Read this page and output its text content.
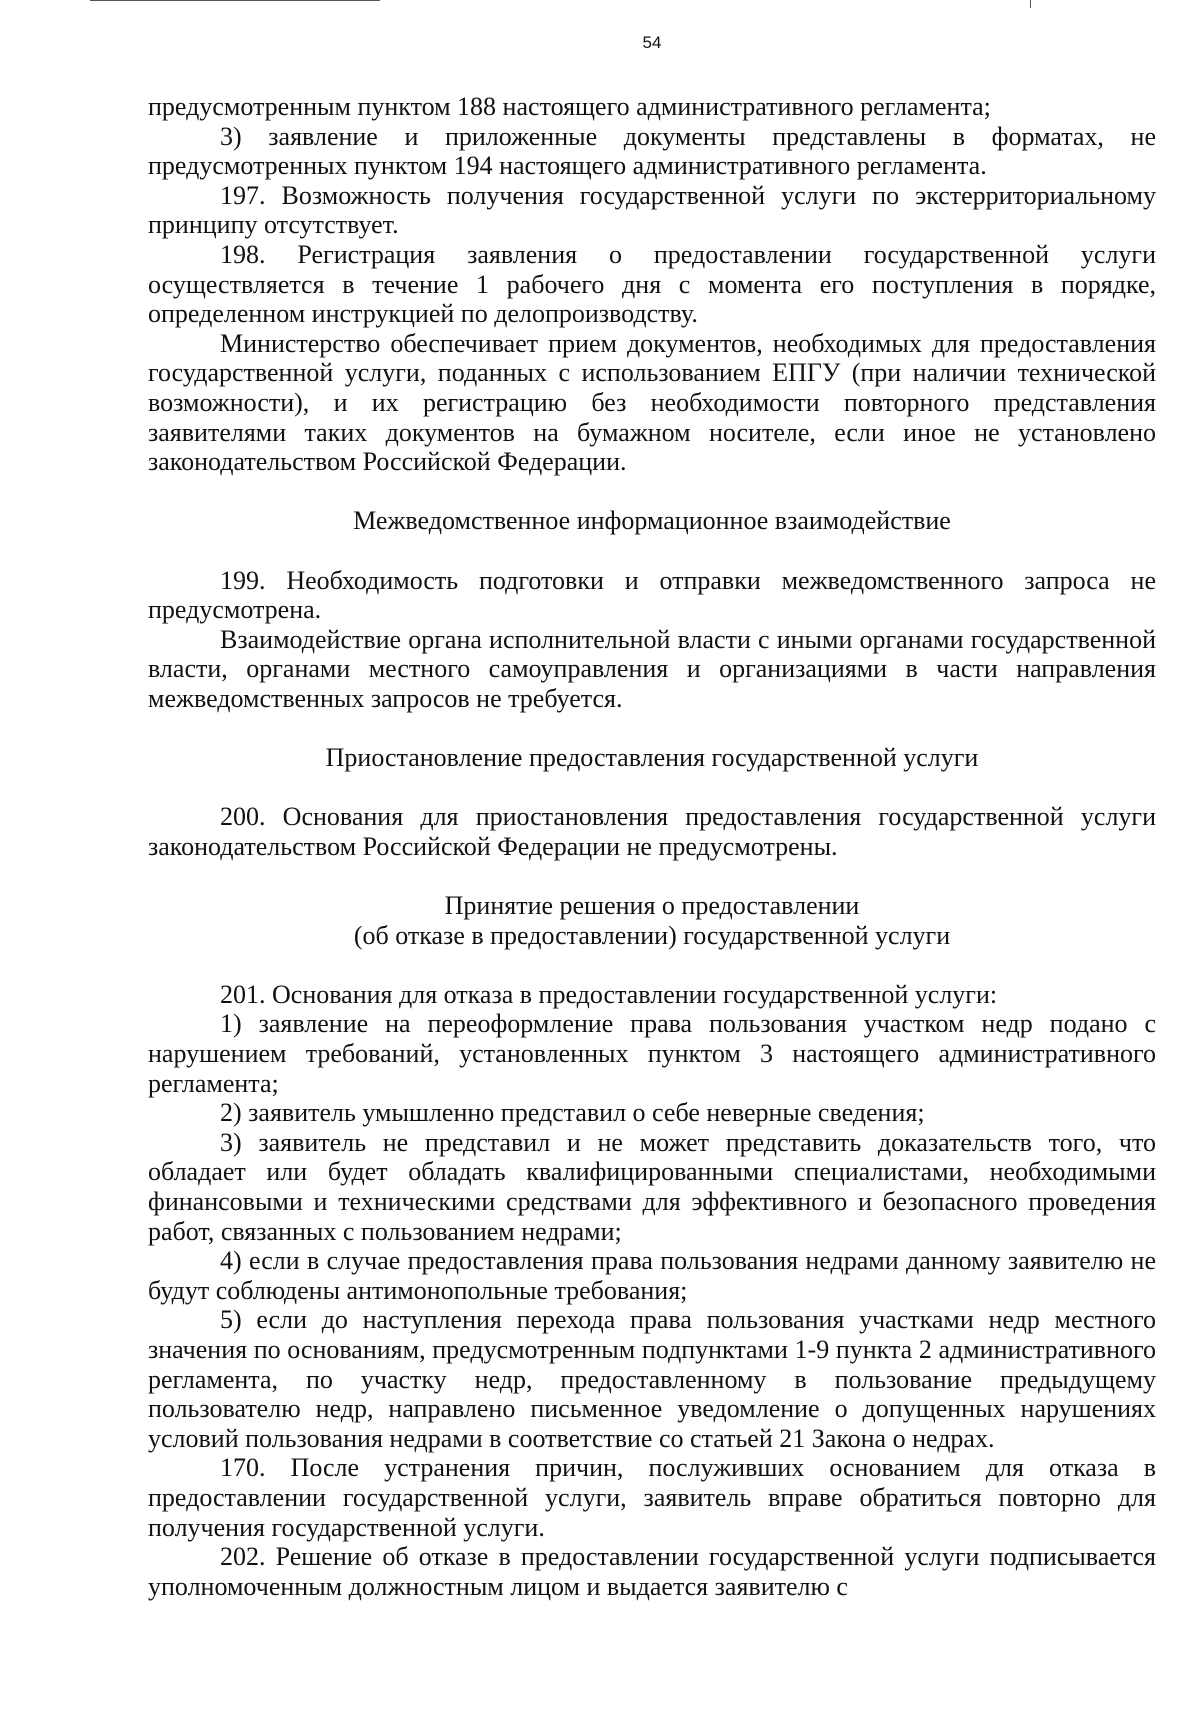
54

предусмотренным пунктом 188 настоящего административного регламента;

3) заявление и приложенные документы представлены в форматах, не предусмотренных пунктом 194 настоящего административного регламента.

197. Возможность получения государственной услуги по экстерриториальному принципу отсутствует.

198. Регистрация заявления о предоставлении государственной услуги осуществляется в течение 1 рабочего дня с момента его поступления в порядке, определенном инструкцией по делопроизводству.

Министерство обеспечивает прием документов, необходимых для предоставления государственной услуги, поданных с использованием ЕПГУ (при наличии технической возможности), и их регистрацию без необходимости повторного представления заявителями таких документов на бумажном носителе, если иное не установлено законодательством Российской Федерации.

Межведомственное информационное взаимодействие

199. Необходимость подготовки и отправки межведомственного запроса не предусмотрена.

Взаимодействие органа исполнительной власти с иными органами государственной власти, органами местного самоуправления и организациями в части направления межведомственных запросов не требуется.

Приостановление предоставления государственной услуги

200. Основания для приостановления предоставления государственной услуги законодательством Российской Федерации не предусмотрены.

Принятие решения о предоставлении
(об отказе в предоставлении) государственной услуги

201. Основания для отказа в предоставлении государственной услуги:

1) заявление на переоформление права пользования участком недр подано с нарушением требований, установленных пунктом 3 настоящего административного регламента;

2) заявитель умышленно представил о себе неверные сведения;

3) заявитель не представил и не может представить доказательств того, что обладает или будет обладать квалифицированными специалистами, необходимыми финансовыми и техническими средствами для эффективного и безопасного проведения работ, связанных с пользованием недрами;

4) если в случае предоставления права пользования недрами данному заявителю не будут соблюдены антимонопольные требования;

5) если до наступления перехода права пользования участками недр местного значения по основаниям, предусмотренным подпунктами 1-9 пункта 2 административного регламента, по участку недр, предоставленному в пользование предыдущему пользователю недр, направлено письменное уведомление о допущенных нарушениях условий пользования недрами в соответствие со статьей 21 Закона о недрах.

170. После устранения причин, послуживших основанием для отказа в предоставлении государственной услуги, заявитель вправе обратиться повторно для получения государственной услуги.

202. Решение об отказе в предоставлении государственной услуги подписывается уполномоченным должностным лицом и выдается заявителю с
